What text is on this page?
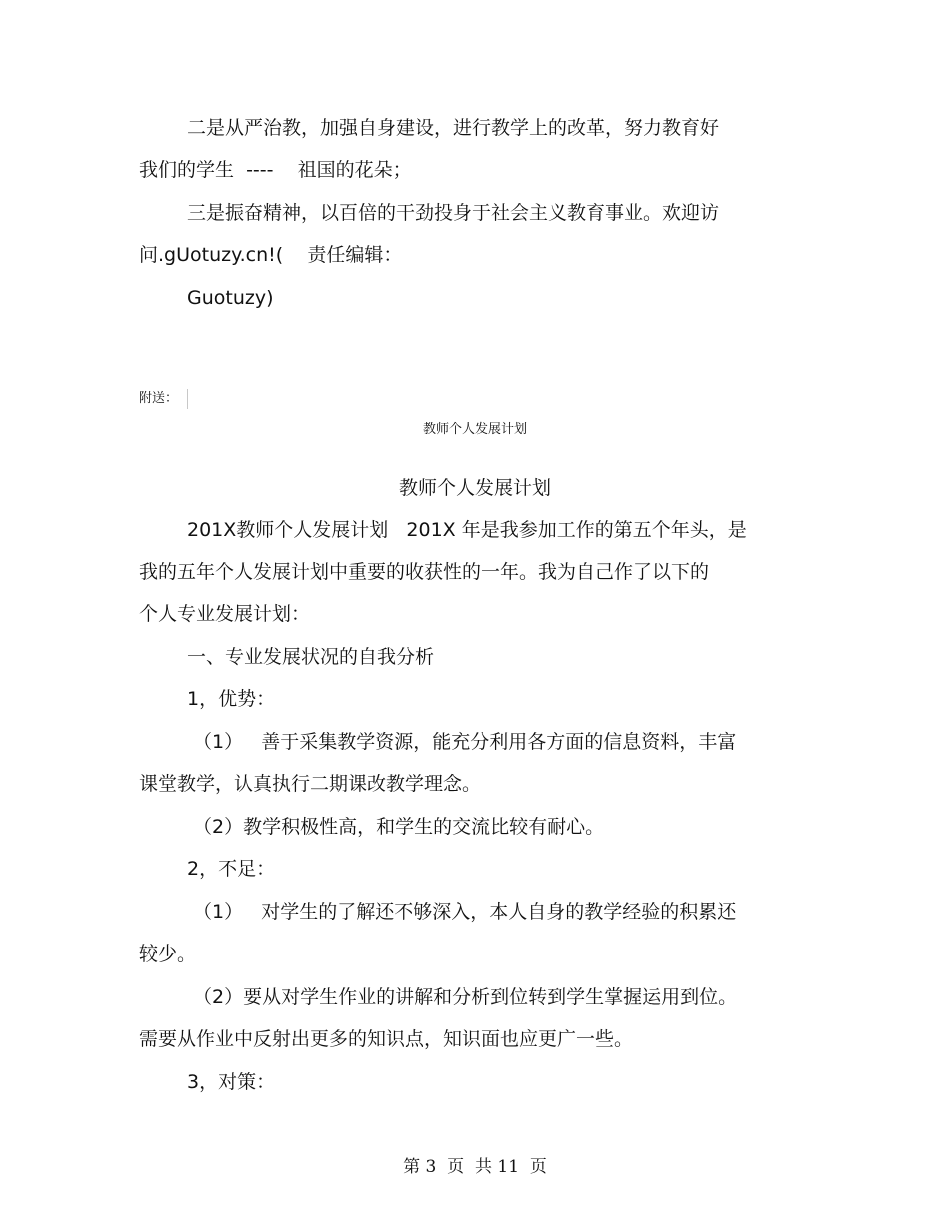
二是从严治教，加强自身建设，进行教学上的改革，努力教育好
我们的学生  ----    祖国的花朵；
三是振奋精神，以百倍的干劲投身于社会主义教育事业。欢迎访
问.gUotuzy.cn!(    责任编辑：
Guotuzy)
附送：
教师个人发展计划
教师个人发展计划
201X教师个人发展计划   201X 年是我参加工作的第五个年头，是
我的五年个人发展计划中重要的收获性的一年。我为自己作了以下的
个人专业发展计划：
一、专业发展状况的自我分析
1，优势：
（1）   善于采集教学资源，能充分利用各方面的信息资料，丰富
课堂教学，认真执行二期课改教学理念。
（2）教学积极性高，和学生的交流比较有耐心。
2，不足：
（1）   对学生的了解还不够深入，本人自身的教学经验的积累还
较少。
（2）要从对学生作业的讲解和分析到位转到学生掌握运用到位。
需要从作业中反射出更多的知识点，知识面也应更广一些。
3，对策：
第 3  页  共 11  页
